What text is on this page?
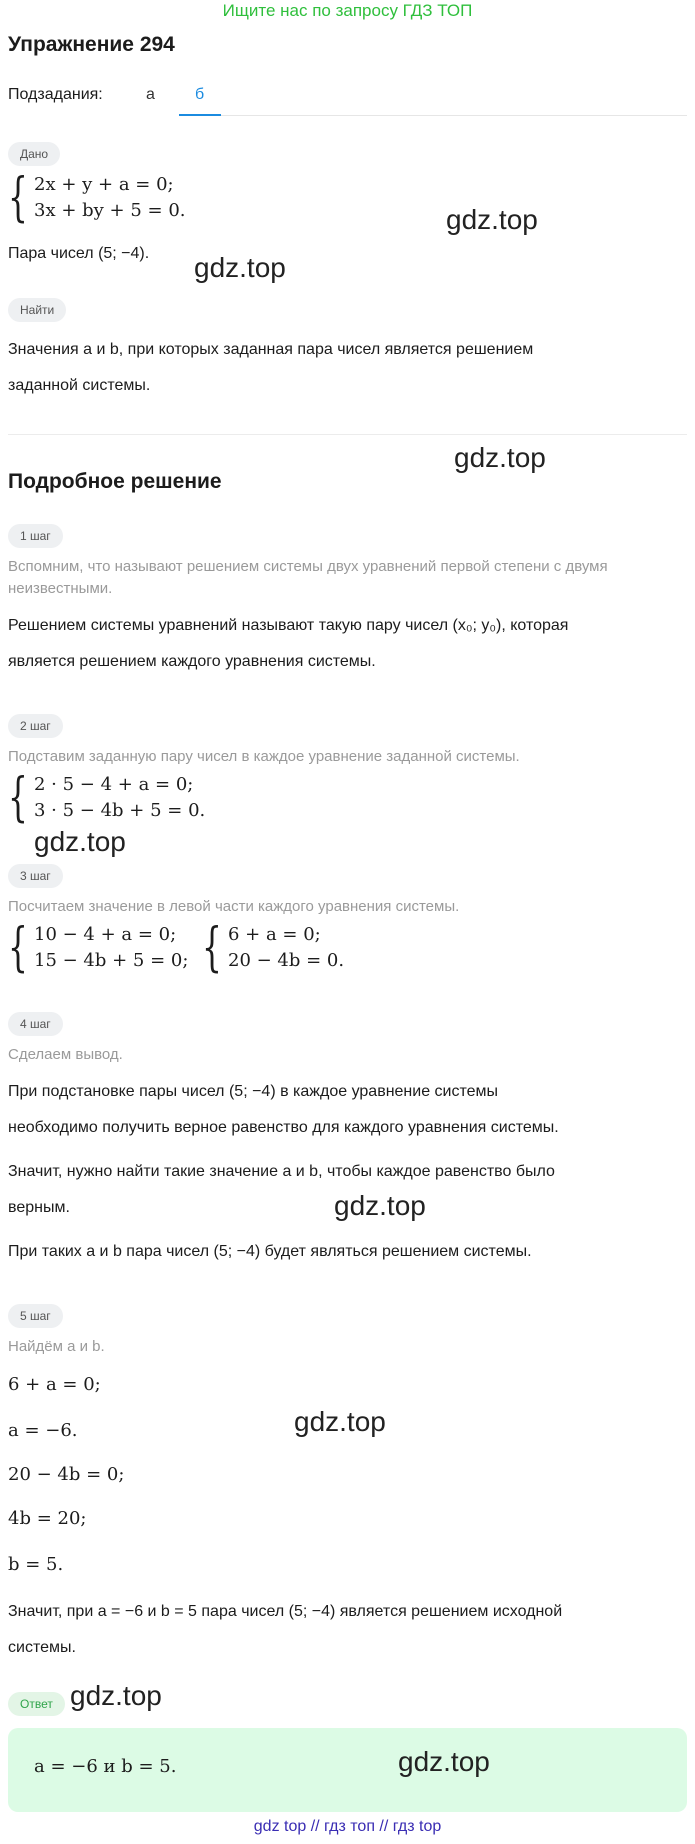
Ищите нас по запросу ГДЗ ТОП
Упражнение 294
Подзадания:	а	б
Дано
{ 2x + y + a = 0;
3x + by + 5 = 0.
Пара чисел (5; −4).
Найти
Значения a и b, при которых заданная пара чисел является решением
заданной системы.
Подробное решение
1 шаг
Вспомним, что называют решением системы двух уравнений первой степени с двумя неизвестными.
Решением системы уравнений называют такую пару чисел (x₀; y₀), которая
является решением каждого уравнения системы.
2 шаг
Подставим заданную пару чисел в каждое уравнение заданной системы.
{ 2 · 5 − 4 + a = 0;
3 · 5 − 4b + 5 = 0.
3 шаг
Посчитаем значение в левой части каждого уравнения системы.
{ 10 − 4 + a = 0;
15 − 4b + 5 = 0; { 6 + a = 0;
20 − 4b = 0.
4 шаг
Сделаем вывод.
При подстановке пары чисел (5; −4) в каждое уравнение системы
необходимо получить верное равенство для каждого уравнения системы.
Значит, нужно найти такие значение a и b, чтобы каждое равенство было
верным.
При таких a и b пара чисел (5; −4) будет являться решением системы.
5 шаг
Найдём a и b.
6 + a = 0;
a = −6.
20 − 4b = 0;
4b = 20;
b = 5.
Значит, при a = −6 и b = 5 пара чисел (5; −4) является решением исходной
системы.
Ответ
a = −6 и b = 5.
gdz.top
gdz.top
gdz.top
gdz.top
gdz.top
gdz.top
gdz.top
gdz.top
gdz top // гдз топ // гдз top
